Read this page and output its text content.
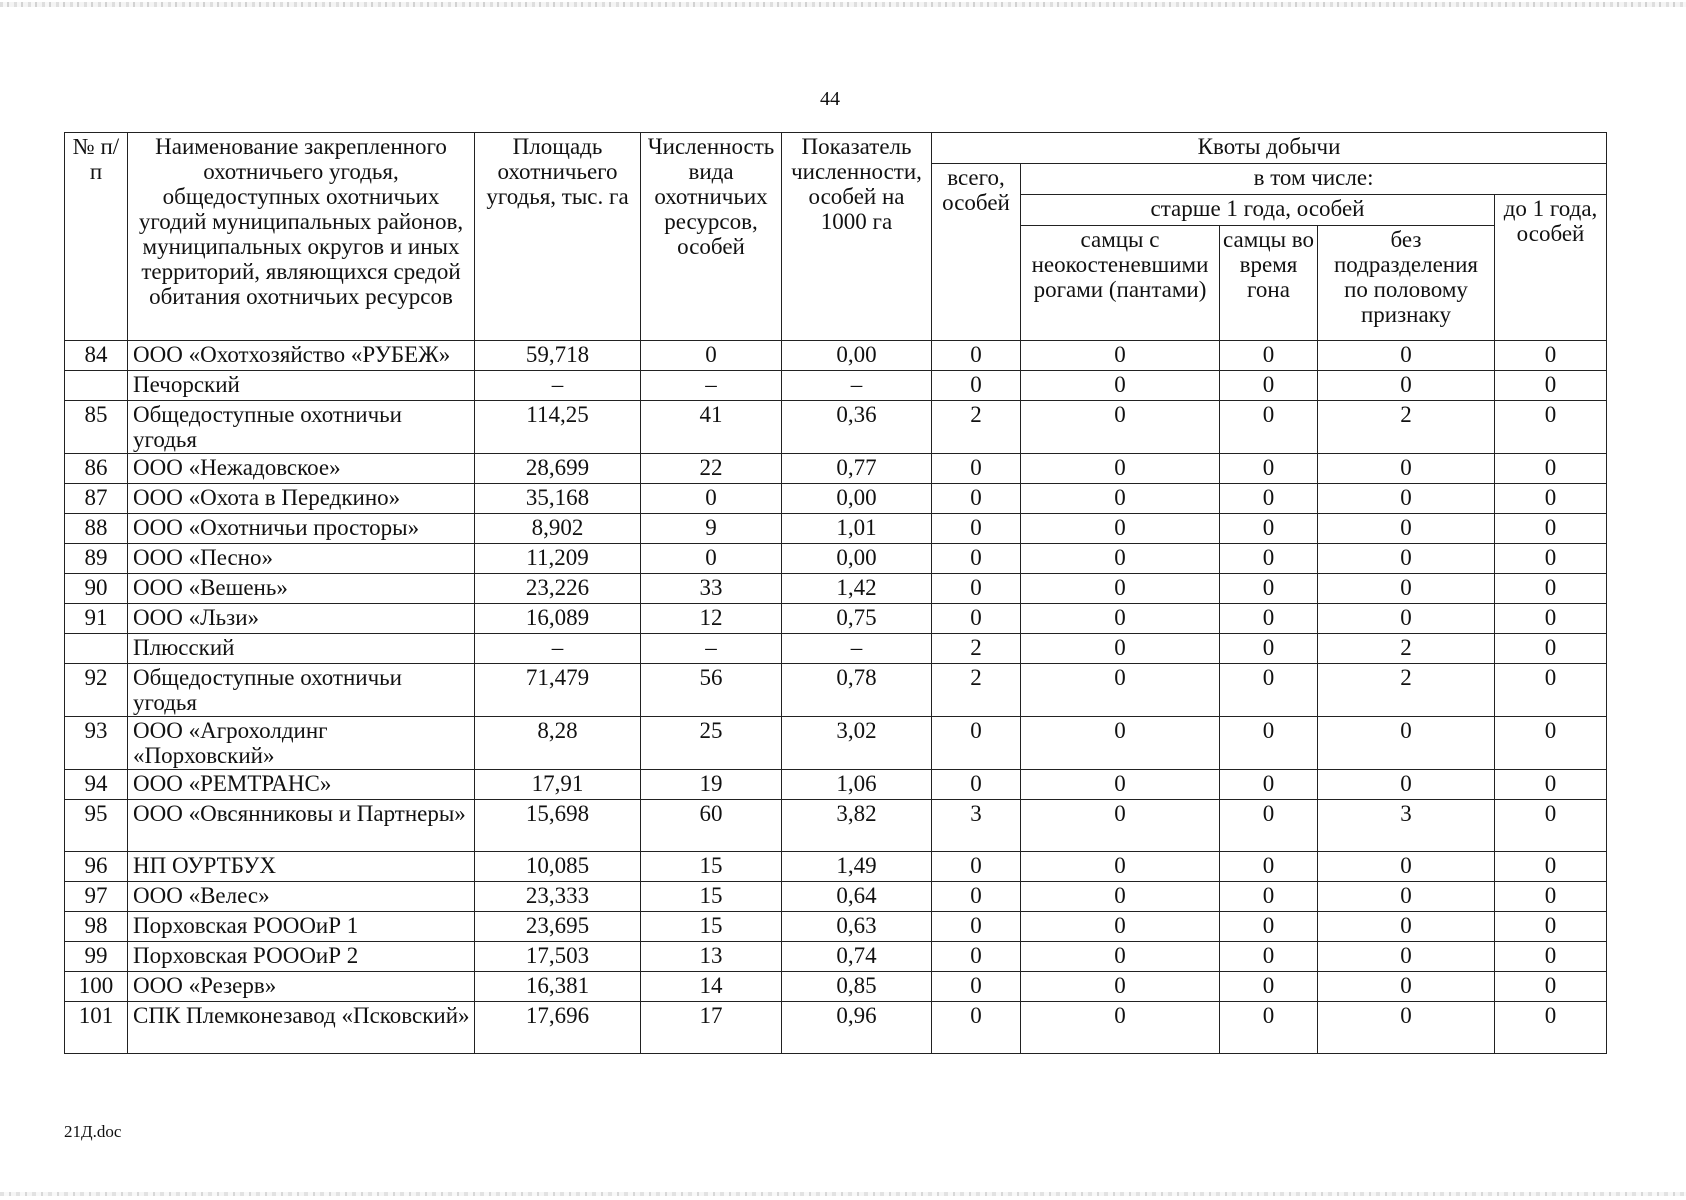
44
№ п/п	Наименование закрепленного охотничьего угодья, общедоступных охотничьих угодий муниципальных районов, муниципальных округов и иных территорий, являющихся средой обитания охотничьих ресурсов	Площадь охотничьего угодья, тыс. га	Численность вида охотничьих ресурсов, особей	Показатель численности, особей на 1000 га	Квоты добычи				
					всего, особей	в том числе:			
						старше 1 года, особей			до 1 года, особей
						самцы с неокостеневшими рогами (пантами)	самцы во время гона	без подразделения по половому признаку	
84	ООО «Охотхозяйство «РУБЕЖ»	59,718	0	0,00	0	0	0	0	0
	Печорский	–	–	–	0	0	0	0	0
85	Общедоступные охотничьи угодья	114,25	41	0,36	2	0	0	2	0
86	ООО «Нежадовское»	28,699	22	0,77	0	0	0	0	0
87	ООО «Охота в Передкино»	35,168	0	0,00	0	0	0	0	0
88	ООО «Охотничьи просторы»	8,902	9	1,01	0	0	0	0	0
89	ООО «Песно»	11,209	0	0,00	0	0	0	0	0
90	ООО «Вешень»	23,226	33	1,42	0	0	0	0	0
91	ООО «Льзи»	16,089	12	0,75	0	0	0	0	0
	Плюсский	–	–	–	2	0	0	2	0
92	Общедоступные охотничьи угодья	71,479	56	0,78	2	0	0	2	0
93	ООО «Агрохолдинг «Порховский»	8,28	25	3,02	0	0	0	0	0
94	ООО «РЕМТРАНС»	17,91	19	1,06	0	0	0	0	0
95	ООО «Овсянниковы и Партнеры»	15,698	60	3,82	3	0	0	3	0
96	НП ОУРТБУХ	10,085	15	1,49	0	0	0	0	0
97	ООО «Велес»	23,333	15	0,64	0	0	0	0	0
98	Порховская РОООиР 1	23,695	15	0,63	0	0	0	0	0
99	Порховская РОООиР 2	17,503	13	0,74	0	0	0	0	0
100	ООО «Резерв»	16,381	14	0,85	0	0	0	0	0
101	СПК Племконезавод «Псковский»	17,696	17	0,96	0	0	0	0	0
21Д.doc
